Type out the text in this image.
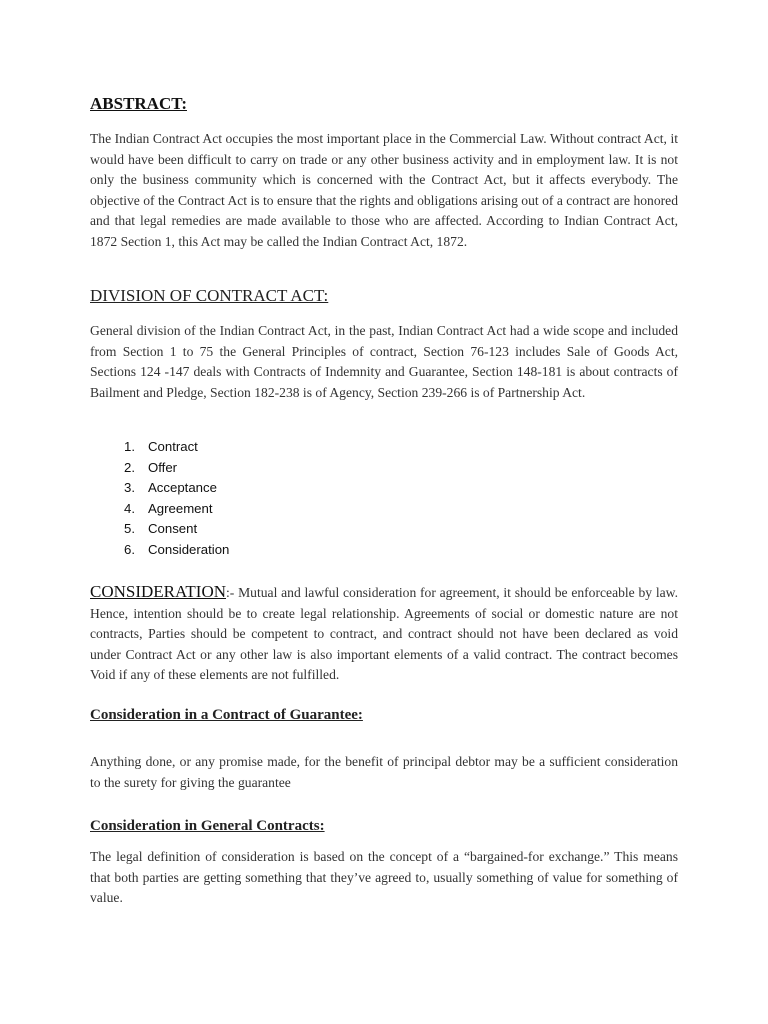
ABSTRACT:

The Indian Contract Act occupies the most important place in the Commercial Law. Without contract Act, it would have been difficult to carry on trade or any other business activity and in employment law. It is not only the business community which is concerned with the Contract Act, but it affects everybody. The objective of the Contract Act is to ensure that the rights and obligations arising out of a contract are honored and that legal remedies are made available to those who are affected. According to Indian Contract Act, 1872 Section 1, this Act may be called the Indian Contract Act, 1872.

DIVISION OF CONTRACT ACT:

General division of the Indian Contract Act, in the past, Indian Contract Act had a wide scope and included from Section 1 to 75 the General Principles of contract, Section 76-123 includes Sale of Goods Act, Sections 124 -147 deals with Contracts of Indemnity and Guarantee, Section 148-181 is about contracts of Bailment and Pledge, Section 182-238 is of Agency, Section 239-266 is of Partnership Act.

1. Contract
2. Offer
3. Acceptance
4. Agreement
5. Consent
6. Consideration

CONSIDERATION:- Mutual and lawful consideration for agreement, it should be enforceable by law. Hence, intention should be to create legal relationship. Agreements of social or domestic nature are not contracts, Parties should be competent to contract, and contract should not have been declared as void under Contract Act or any other law is also important elements of a valid contract. The contract becomes Void if any of these elements are not fulfilled.

Consideration in a Contract of Guarantee:

Anything done, or any promise made, for the benefit of principal debtor may be a sufficient consideration to the surety for giving the guarantee

Consideration in General Contracts:

The legal definition of consideration is based on the concept of a “bargained-for exchange.” This means that both parties are getting something that they’ve agreed to, usually something of value for something of value.
